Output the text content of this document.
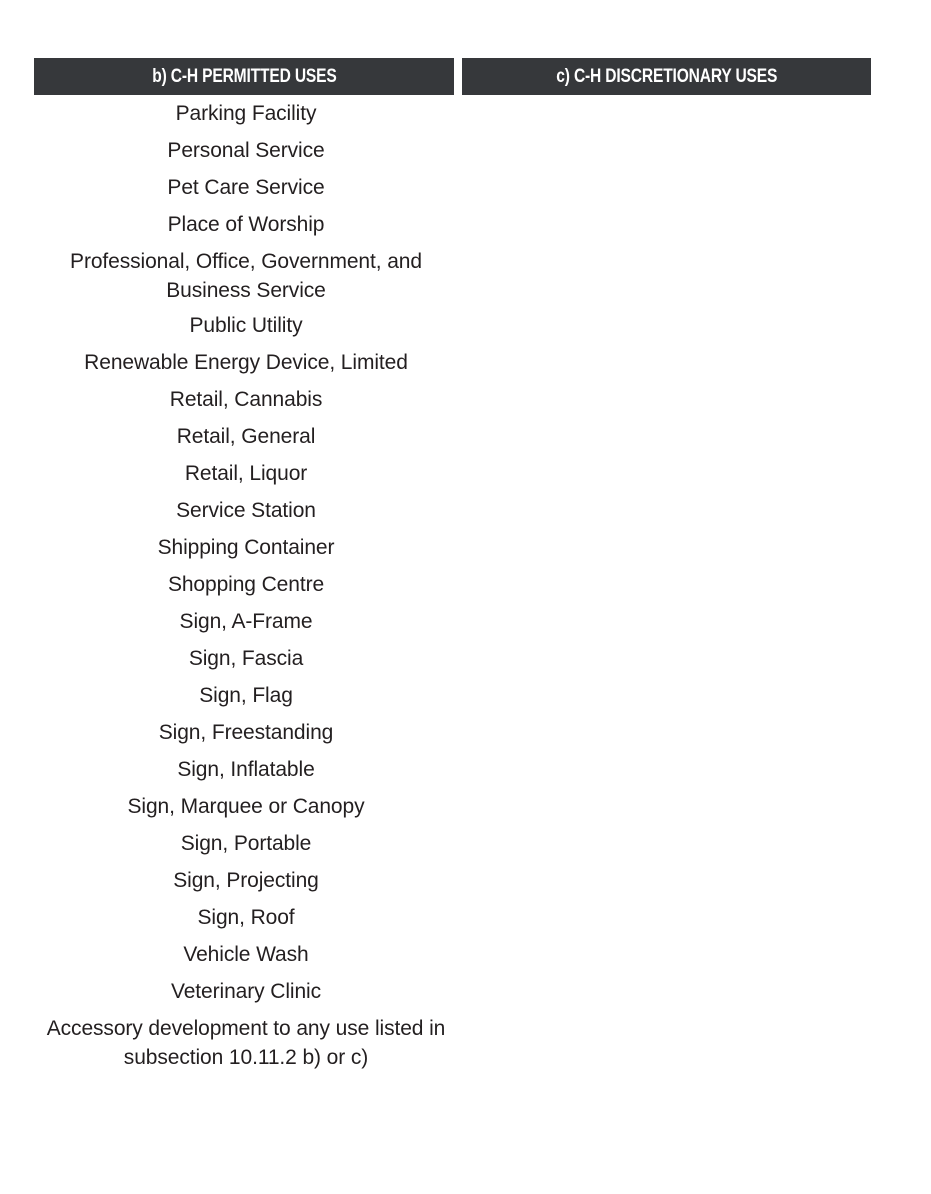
b) C-H PERMITTED USES	c) C-H DISCRETIONARY USES
Parking Facility
Personal Service
Pet Care Service
Place of Worship
Professional, Office, Government, and Business Service
Public Utility
Renewable Energy Device, Limited
Retail, Cannabis
Retail, General
Retail, Liquor
Service Station
Shipping Container
Shopping Centre
Sign, A-Frame
Sign, Fascia
Sign, Flag
Sign, Freestanding
Sign, Inflatable
Sign, Marquee or Canopy
Sign, Portable
Sign, Projecting
Sign, Roof
Vehicle Wash
Veterinary Clinic
Accessory development to any use listed in subsection 10.11.2 b) or c)
